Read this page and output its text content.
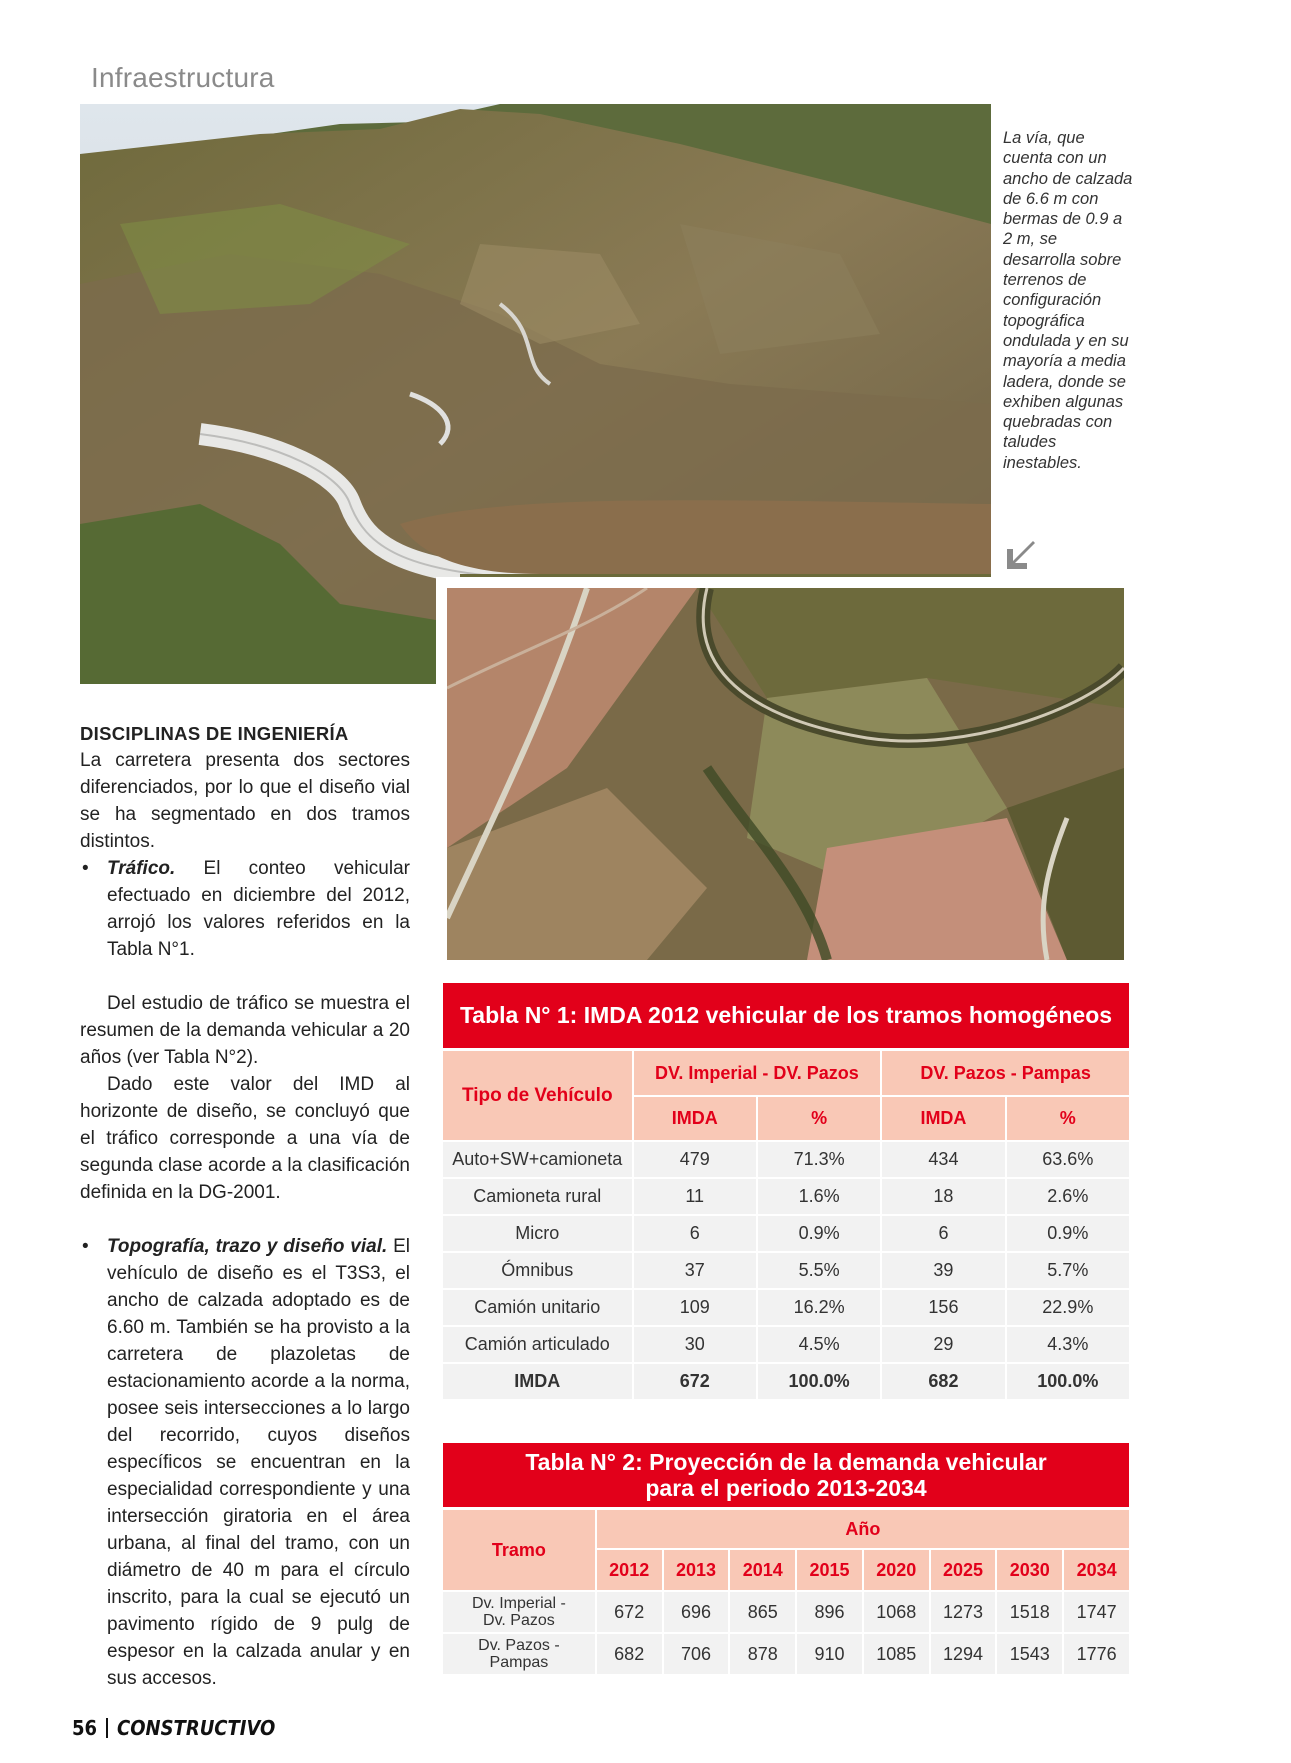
Infraestructura
La vía, que cuenta con un ancho de calzada de 6.6 m con bermas de 0.9 a 2 m, se desarrolla sobre terrenos de configuración topográfica ondulada y en su mayoría a media ladera, donde se exhiben algunas quebradas con taludes inestables.

DISCIPLINAS DE INGENIERÍA

La carretera presenta dos sectores diferenciados, por lo que el diseño vial se ha segmentado en dos tramos distintos.

• Tráfico. El conteo vehicular efectuado en diciembre del 2012, arrojó los valores referidos en la Tabla N°1.

Del estudio de tráfico se muestra el resumen de la demanda vehicular a 20 años (ver Tabla N°2).

Dado este valor del IMD al horizonte de diseño, se concluyó que el tráfico corresponde a una vía de segunda clase acorde a la clasificación definida en la DG-2001.

• Topografía, trazo y diseño vial. El vehículo de diseño es el T3S3, el ancho de calzada adoptado es de 6.60 m. También se ha provisto a la carretera de plazoletas de estacionamiento acorde a la norma, posee seis intersecciones a lo largo del recorrido, cuyos diseños específicos se encuentran en la especialidad correspondiente y una intersección giratoria en el área urbana, al final del tramo, con un diámetro de 40 m para el círculo inscrito, para la cual se ejecutó un pavimento rígido de 9 pulg de espesor en la calzada anular y en sus accesos.

Tabla N° 1: IMDA 2012 vehicular de los tramos homogéneos
Tipo de Vehículo	DV. Imperial - DV. Pazos		DV. Pazos - Pampas	
	IMDA	%	IMDA	%
Auto+SW+camioneta	479	71.3%	434	63.6%
Camioneta rural	11	1.6%	18	2.6%
Micro	6	0.9%	6	0.9%
Ómnibus	37	5.5%	39	5.7%
Camión unitario	109	16.2%	156	22.9%
Camión articulado	30	4.5%	29	4.3%
IMDA	672	100.0%	682	100.0%
Tabla N° 2: Proyección de la demanda vehicular
para el periodo 2013-2034
Tramo	Año							
	2012	2013	2014	2015	2020	2025	2030	2034

Dv. Imperial -
Dv. Pazos	672	696	865	896	1068	1273	1518	1747

Dv. Pazos -
Pampas	682	706	878	910	1085	1294	1543	1776
56 CONSTRUCTIVO
